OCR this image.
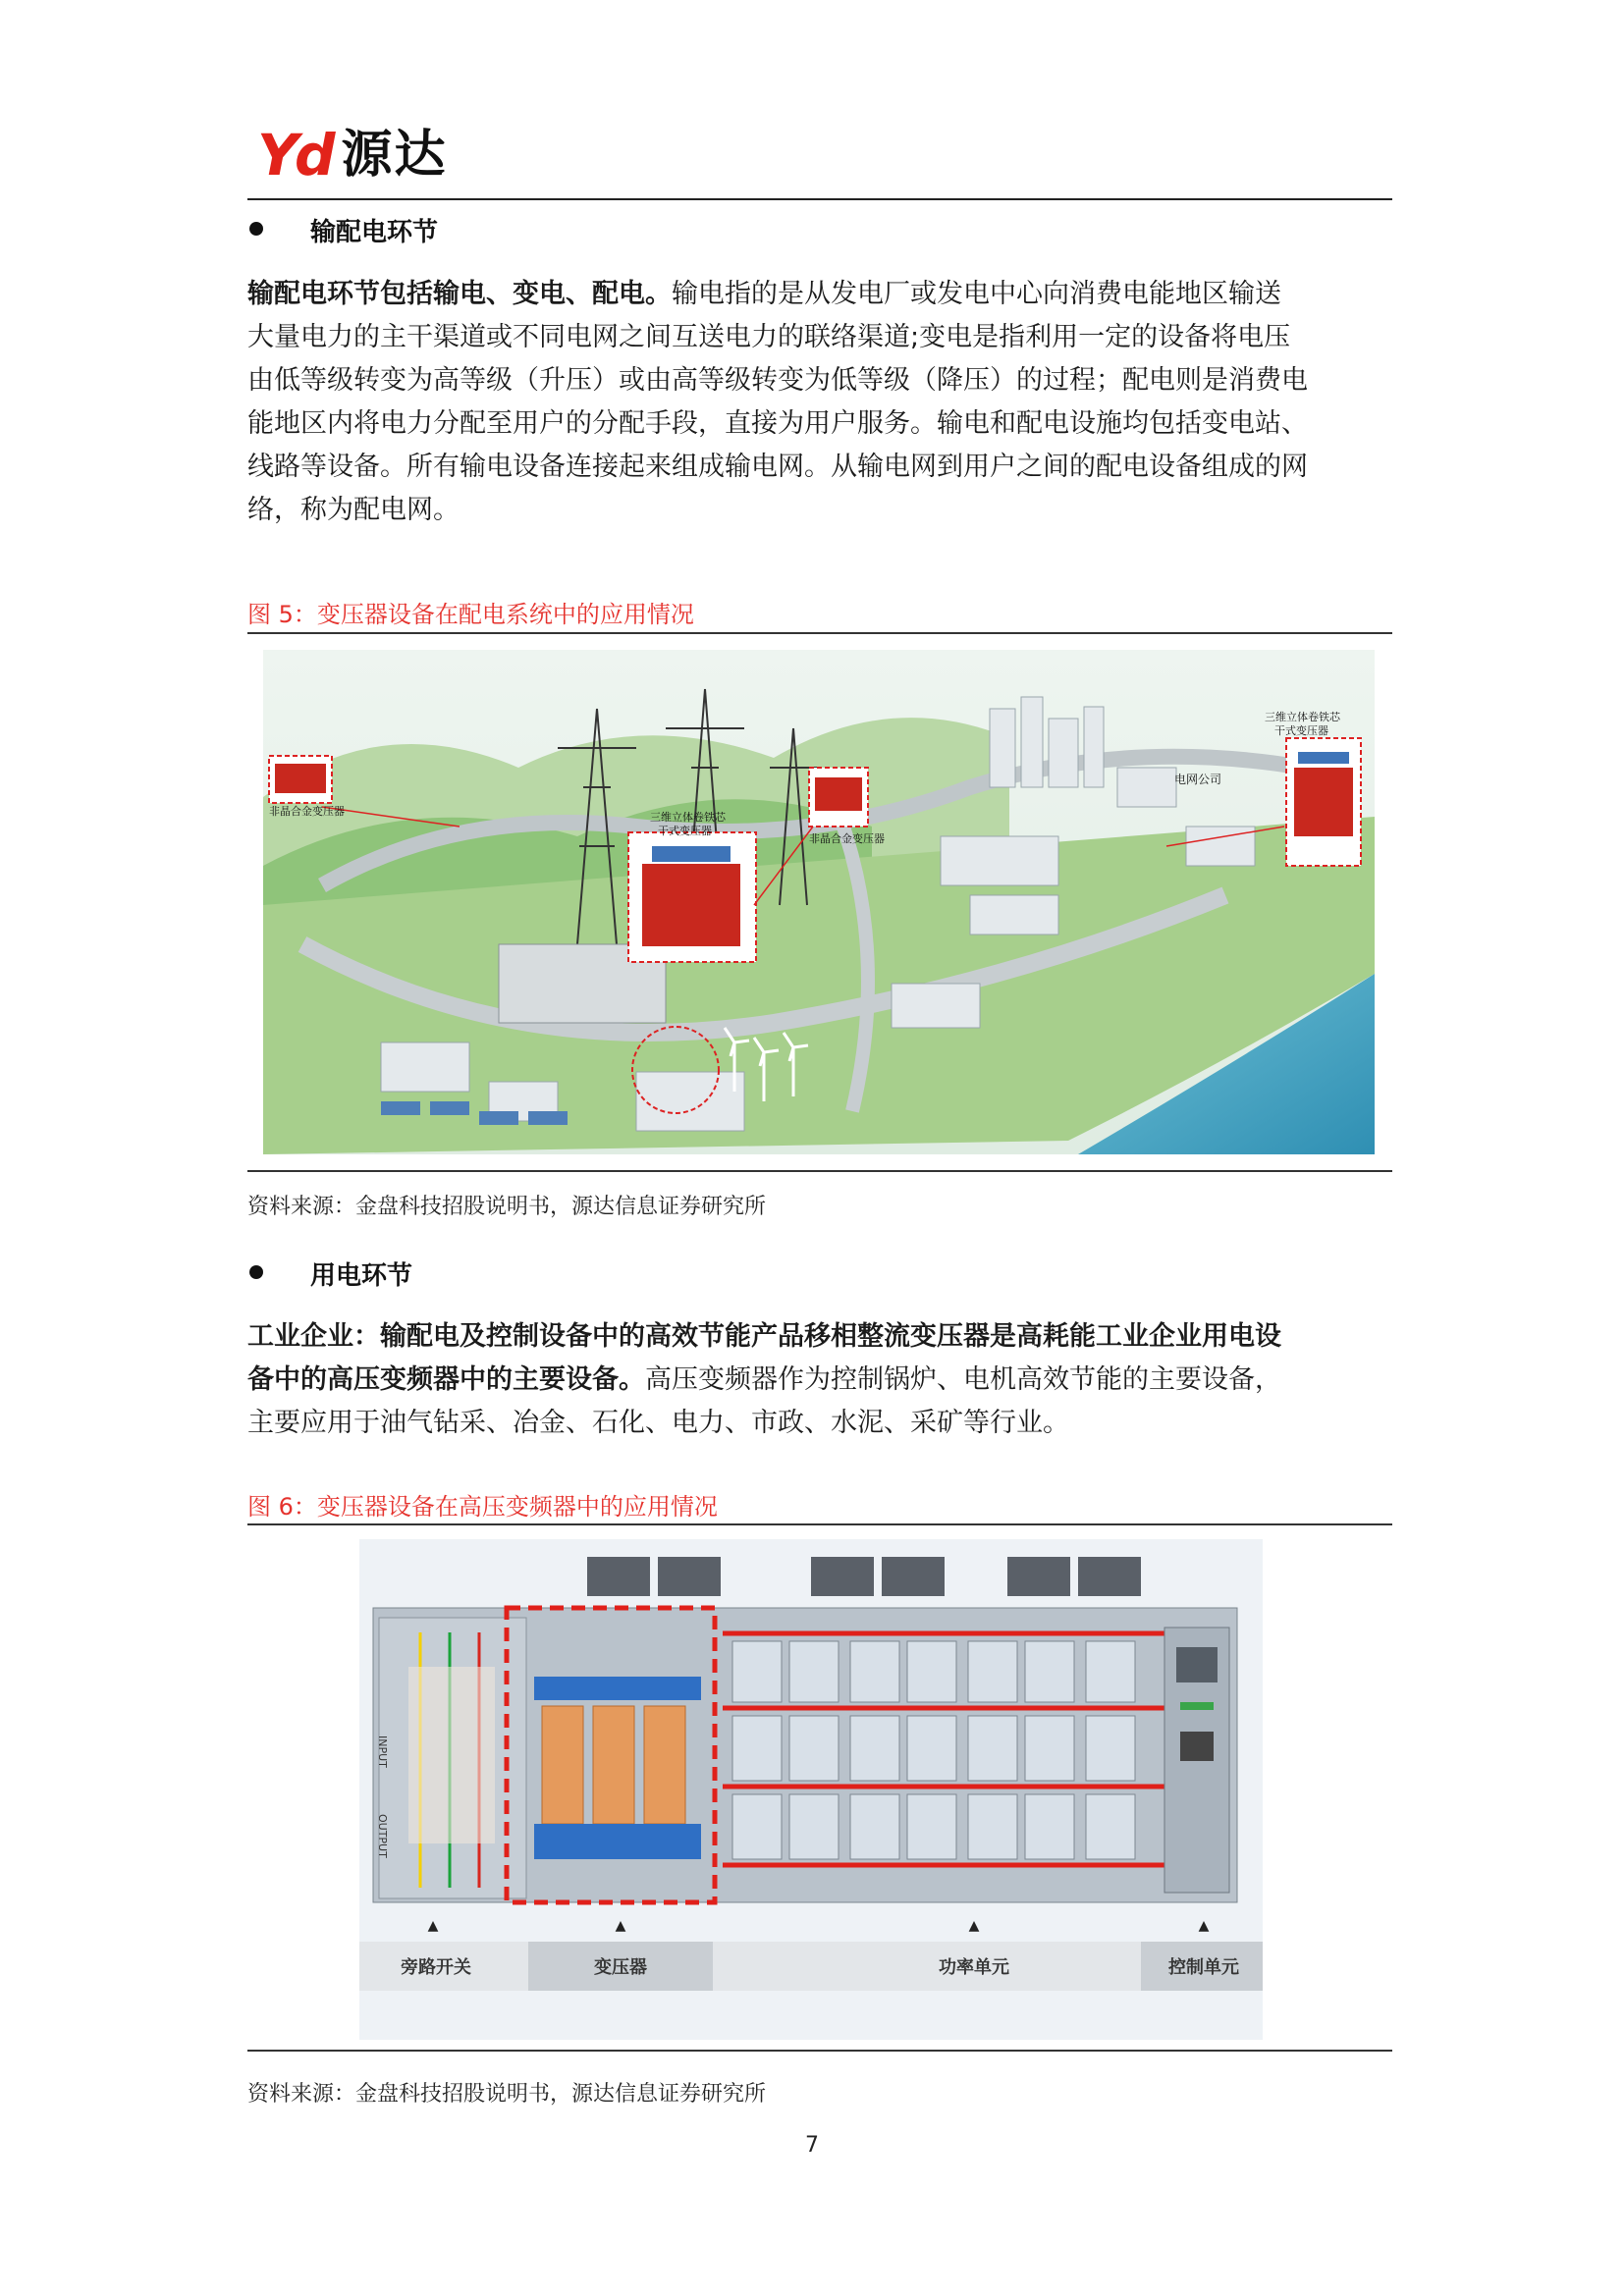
Yd 源达
输配电环节

输配电环节包括输电、变电、配电。输电指的是从发电厂或发电中心向消费电能地区输送

大量电力的主干渠道或不同电网之间互送电力的联络渠道;变电是指利用一定的设备将电压

由低等级转变为高等级（升压）或由高等级转变为低等级（降压）的过程；配电则是消费电

能地区内将电力分配至用户的分配手段，直接为用户服务。输电和配电设施均包括变电站、

线路等设备。所有输电设备连接起来组成输电网。从输电网到用户之间的配电设备组成的网

络，称为配电网。

图 5：变压器设备在配电系统中的应用情况
非晶合金变压器	三维立体卷铁芯
干式变压器
非晶合金变压器
三维立体卷铁芯
干式变压器
电网公司
资料来源：金盘科技招股说明书，源达信息证券研究所
用电环节

工业企业：输配电及控制设备中的高效节能产品移相整流变压器是高耗能工业企业用电设

备中的高压变频器中的主要设备。高压变频器作为控制锅炉、电机高效节能的主要设备，

主要应用于油气钻采、冶金、石化、电力、市政、水泥、采矿等行业。

图 6：变压器设备在高压变频器中的应用情况
INPUT
OUTPUT
▲	▲	▲	▲
旁路开关	变压器	功率单元	控制单元
资料来源：金盘科技招股说明书，源达信息证券研究所
7
